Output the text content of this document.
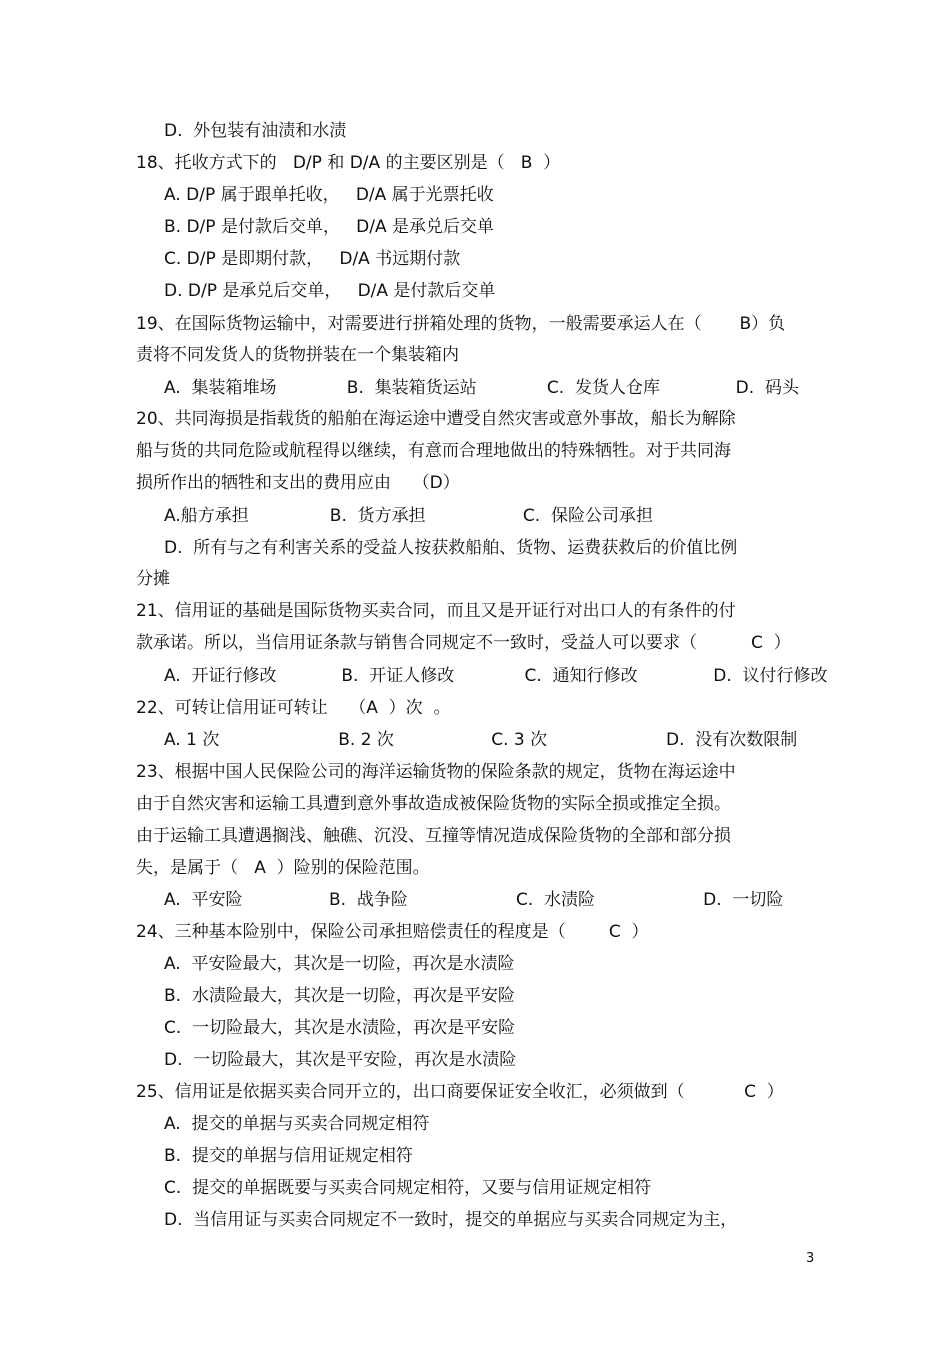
D.  外包装有油渍和水渍
18、托收方式下的   D/P 和 D/A 的主要区别是（   B  ）
A. D/P 属于跟单托收，   D/A 属于光票托收
B. D/P 是付款后交单，   D/A 是承兑后交单
C. D/P 是即期付款，   D/A 书远期付款
D. D/P 是承兑后交单，   D/A 是付款后交单
19、在国际货物运输中，对需要进行拼箱处理的货物，一般需要承运人在（       B）负
责将不同发货人的货物拼装在一个集装箱内
A.  集装箱堆场             B.  集装箱货运站             C.  发货人仓库              D.  码头
20、共同海损是指载货的船舶在海运途中遭受自然灾害或意外事故，船长为解除
船与货的共同危险或航程得以继续，有意而合理地做出的特殊牺牲。对于共同海
损所作出的牺牲和支出的费用应由    （D）
A.船方承担               B.  货方承担                  C.  保险公司承担
D.  所有与之有利害关系的受益人按获救船舶、货物、运费获救后的价值比例
分摊
21、信用证的基础是国际货物买卖合同，而且又是开证行对出口人的有条件的付
款承诺。所以，当信用证条款与销售合同规定不一致时，受益人可以要求（          C  ）
A.  开证行修改            B.  开证人修改             C.  通知行修改              D.  议付行修改
22、可转让信用证可转让    （A  ）次  。
A. 1 次                      B. 2 次                  C. 3 次                      D.  没有次数限制
23、根据中国人民保险公司的海洋运输货物的保险条款的规定，货物在海运途中
由于自然灾害和运输工具遭到意外事故造成被保险货物的实际全损或推定全损。
由于运输工具遭遇搁浅、触礁、沉没、互撞等情况造成保险货物的全部和部分损
失，是属于（   A  ）险别的保险范围。
A.  平安险                B.  战争险                    C.  水渍险                    D.  一切险
24、三种基本险别中，保险公司承担赔偿责任的程度是（        C  ）
A.  平安险最大，其次是一切险，再次是水渍险
B.  水渍险最大，其次是一切险，再次是平安险
C.  一切险最大，其次是水渍险，再次是平安险
D.  一切险最大，其次是平安险，再次是水渍险
25、信用证是依据买卖合同开立的，出口商要保证安全收汇，必须做到（           C  ）
A.  提交的单据与买卖合同规定相符
B.  提交的单据与信用证规定相符
C.  提交的单据既要与买卖合同规定相符，又要与信用证规定相符
D.  当信用证与买卖合同规定不一致时，提交的单据应与买卖合同规定为主，
3
